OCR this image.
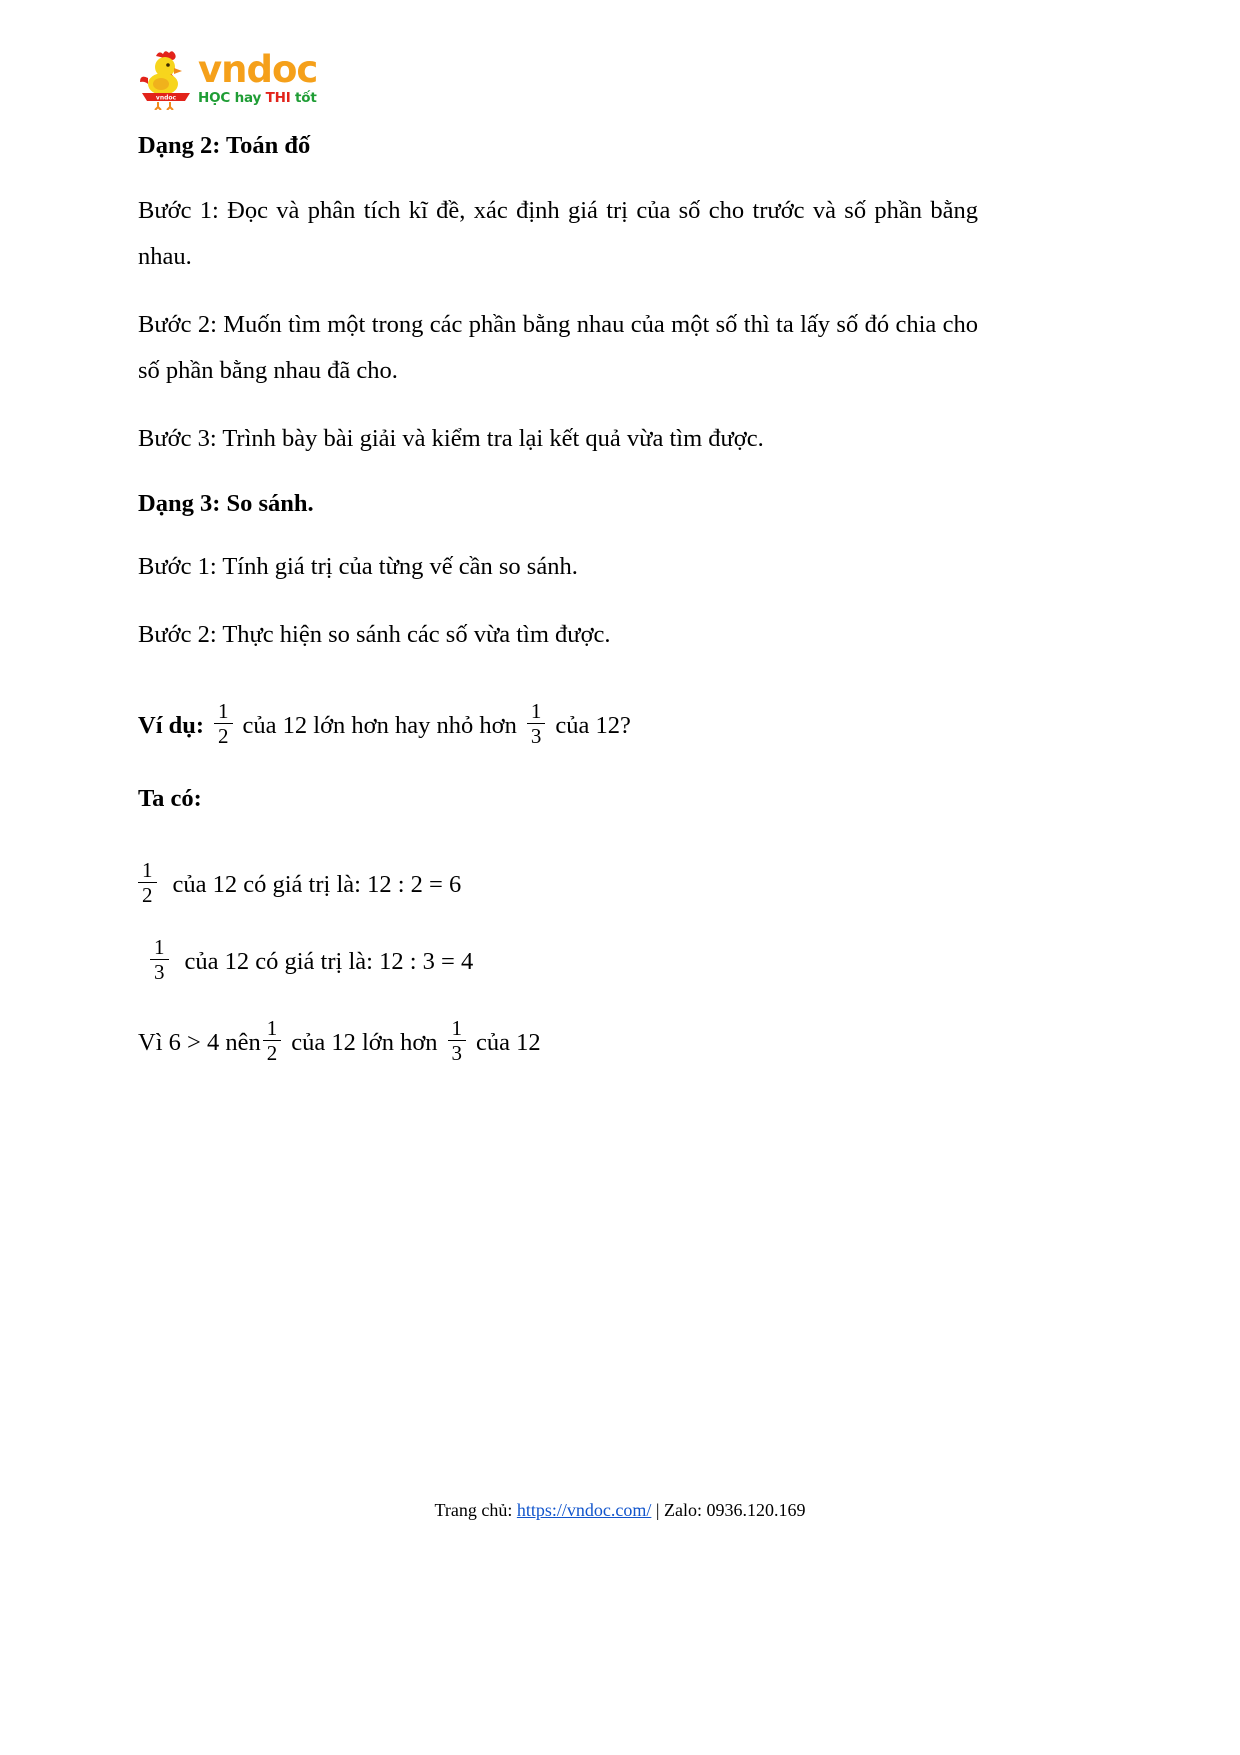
vndoc
vndoc
HỌC hay THI tốt
Dạng 2: Toán đố

Bước 1: Đọc và phân tích kĩ đề, xác định giá trị của số cho trước và số phần bằng nhau.

Bước 2: Muốn tìm một trong các phần bằng nhau của một số thì ta lấy số đó chia cho số phần bằng nhau đã cho.

Bước 3: Trình bày bài giải và kiểm tra lại kết quả vừa tìm được.

Dạng 3: So sánh.

Bước 1: Tính giá trị của từng vế cần so sánh.

Bước 2: Thực hiện so sánh các số vừa tìm được.

Ví dụ: $\frac{1}{2}$ của 12 lớn hơn hay nhỏ hơn $\frac{1}{3}$ của 12?
Ta có:
$\frac{1}{2}$ của 12 có giá trị là: 12 : 2 = 6
$\frac{1}{3}$ của 12 có giá trị là: 12 : 3 = 4
Vì 6 > 4 nên $\frac{1}{2}$ của 12 lớn hơn $\frac{1}{3}$ của 12
Trang chủ: https://vndoc.com/ | Zalo: 0936.120.169
